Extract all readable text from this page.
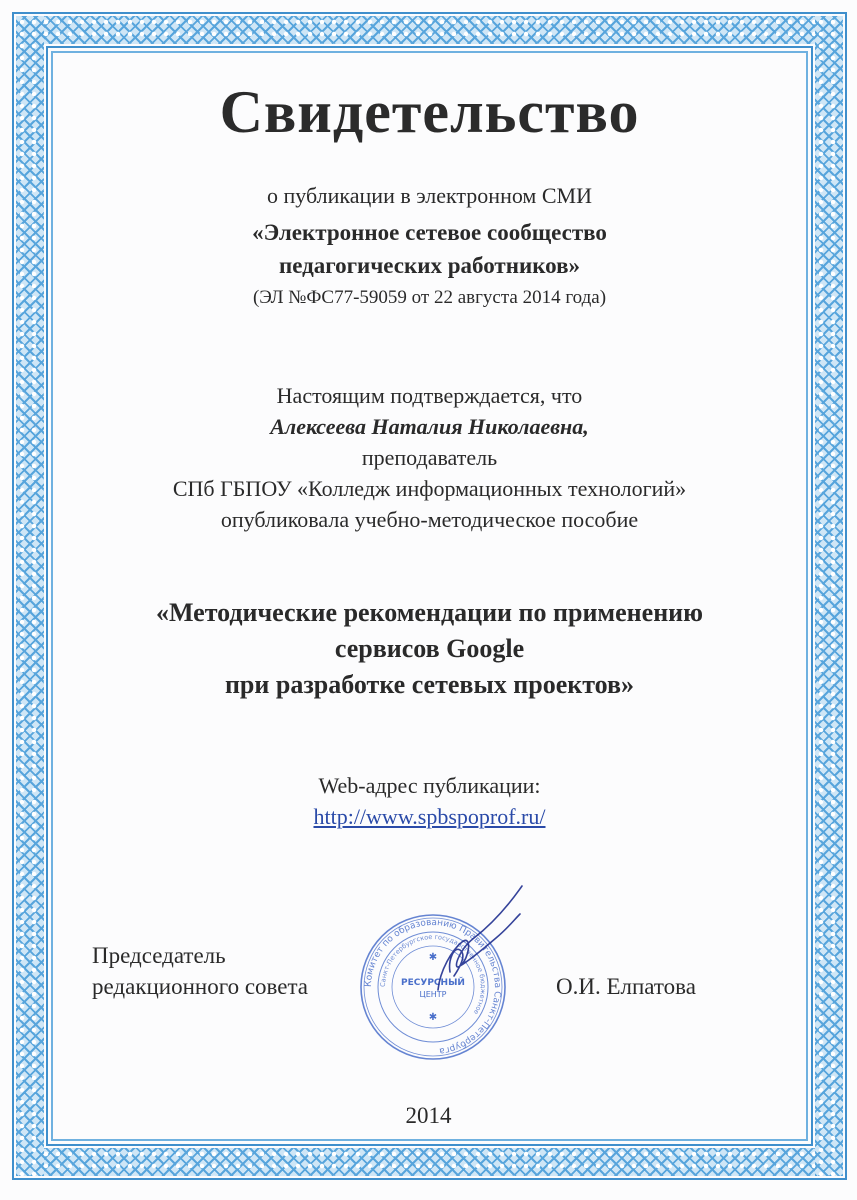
Свидетельство

о публикации в электронном СМИ

«Электронное сетевое сообщество

педагогических работников»

(ЭЛ №ФС77-59059 от 22 августа 2014 года)

Настоящим подтверждается, что

Алексеева Наталия Николаевна,

преподаватель

СПб ГБПОУ «Колледж информационных технологий»

опубликовала учебно-методическое пособие

«Методические рекомендации по применению

сервисов Google

при разработке сетевых проектов»

Web-адрес публикации:

http://www.spbspoprof.ru/
Председатель
редакционного совета	Комитет по образованию Правительства Санкт-Петербурга
Санкт-Петербургское государственное бюджетное
РЕСУРСНЫЙ
ЦЕНТР
✱
✱
О.И. Елпатова
2014
